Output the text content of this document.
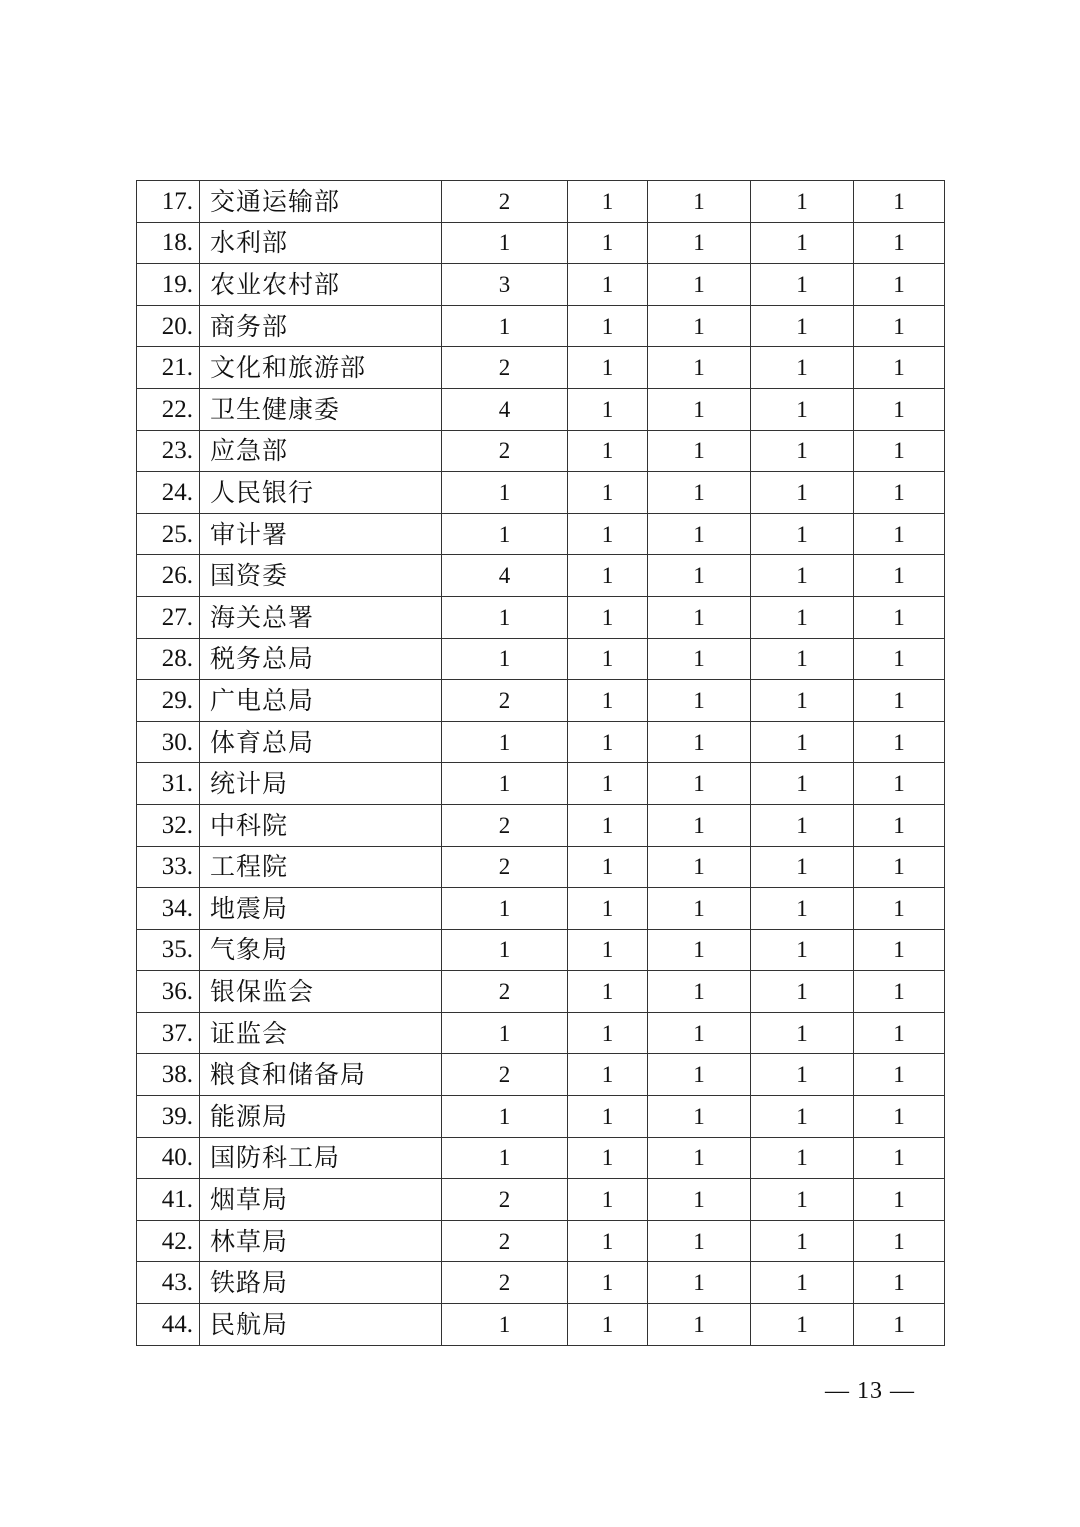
17.	交通运输部	2	1	1	1	1
18.	水利部	1	1	1	1	1
19.	农业农村部	3	1	1	1	1
20.	商务部	1	1	1	1	1
21.	文化和旅游部	2	1	1	1	1
22.	卫生健康委	4	1	1	1	1
23.	应急部	2	1	1	1	1
24.	人民银行	1	1	1	1	1
25.	审计署	1	1	1	1	1
26.	国资委	4	1	1	1	1
27.	海关总署	1	1	1	1	1
28.	税务总局	1	1	1	1	1
29.	广电总局	2	1	1	1	1
30.	体育总局	1	1	1	1	1
31.	统计局	1	1	1	1	1
32.	中科院	2	1	1	1	1
33.	工程院	2	1	1	1	1
34.	地震局	1	1	1	1	1
35.	气象局	1	1	1	1	1
36.	银保监会	2	1	1	1	1
37.	证监会	1	1	1	1	1
38.	粮食和储备局	2	1	1	1	1
39.	能源局	1	1	1	1	1
40.	国防科工局	1	1	1	1	1
41.	烟草局	2	1	1	1	1
42.	林草局	2	1	1	1	1
43.	铁路局	2	1	1	1	1
44.	民航局	1	1	1	1	1
— 13 —
